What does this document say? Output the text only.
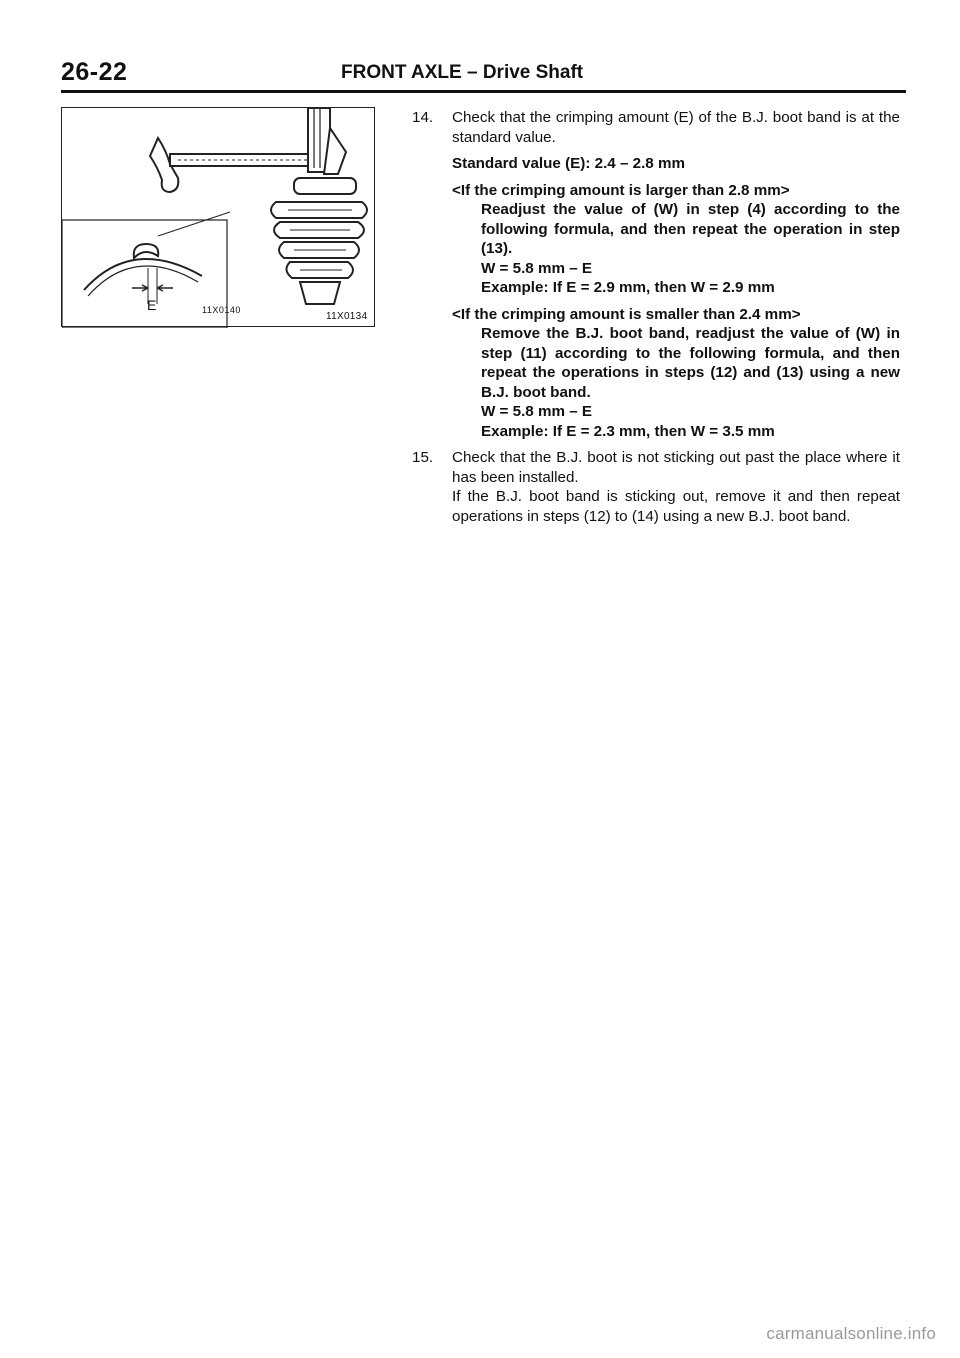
26-22	FRONT AXLE – Drive Shaft
E	11X0140
11X0134
14. Check that the crimping amount (E) of the B.J. boot band is at the standard value.

Standard value (E): 2.4 – 2.8 mm

<If the crimping amount is larger than 2.8 mm>

Readjust the value of (W) in step (4) according to the following formula, and then repeat the operation in step (13).
W = 5.8 mm – E
Example: If E = 2.9 mm, then W = 2.9 mm

<If the crimping amount is smaller than 2.4 mm>

Remove the B.J. boot band, readjust the value of (W) in step (11) according to the following formula, and then repeat the operations in steps (12) and (13) using a new B.J. boot band.
W = 5.8 mm – E
Example: If E = 2.3 mm, then W = 3.5 mm
15. Check that the B.J. boot is not sticking out past the place where it has been installed.

If the B.J. boot band is sticking out, remove it and then repeat operations in steps (12) to (14) using a new B.J. boot band.

carmanualsonline.info
